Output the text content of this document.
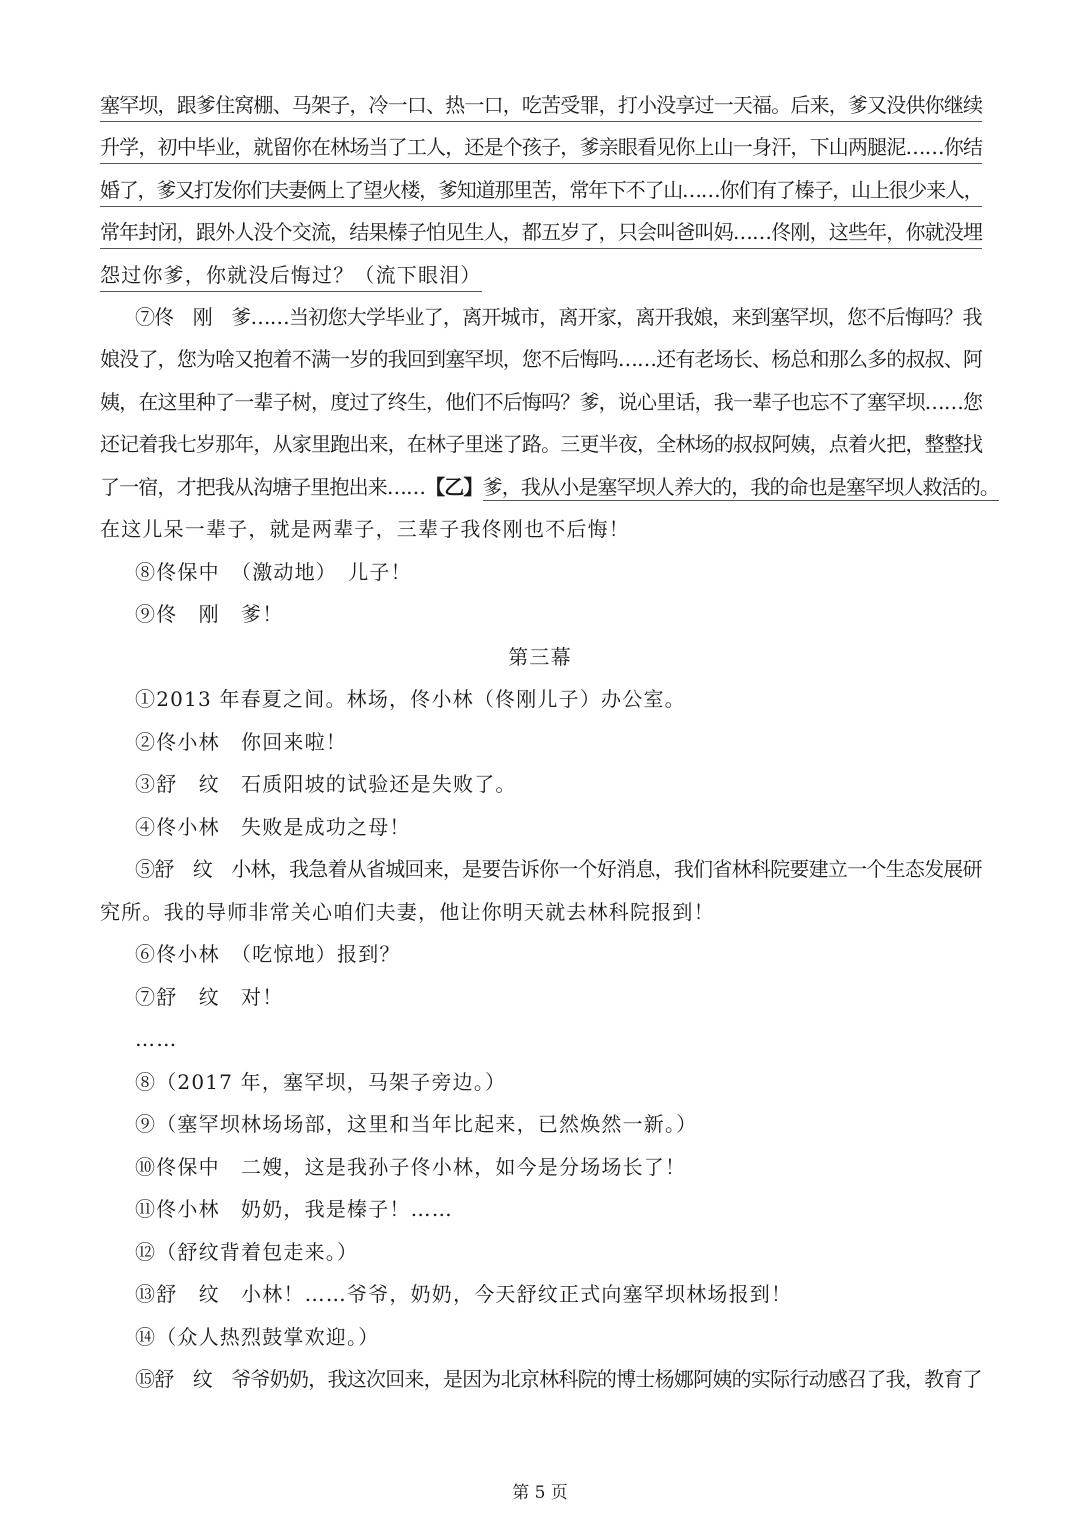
塞罕坝，跟爹住窝棚、马架子，冷一口、热一口，吃苦受罪，打小没享过一天福。后来，爹又没供你继续
升学，初中毕业，就留你在林场当了工人，还是个孩子，爹亲眼看见你上山一身汗，下山两腿泥……你结
婚了，爹又打发你们夫妻俩上了望火楼，爹知道那里苦，常年下不了山……你们有了榛子，山上很少来人，
常年封闭，跟外人没个交流，结果榛子怕见生人，都五岁了，只会叫爸叫妈……佟刚，这些年，你就没埋
怨过你爹，你就没后悔过？（流下眼泪）
⑦佟　刚　爹……当初您大学毕业了，离开城市，离开家，离开我娘，来到塞罕坝，您不后悔吗？我
娘没了，您为啥又抱着不满一岁的我回到塞罕坝，您不后悔吗……还有老场长、杨总和那么多的叔叔、阿
姨，在这里种了一辈子树，度过了终生，他们不后悔吗？爹，说心里话，我一辈子也忘不了塞罕坝……您
还记着我七岁那年，从家里跑出来，在林子里迷了路。三更半夜，全林场的叔叔阿姨，点着火把，整整找
了一宿，才把我从沟塘子里抱出来……【乙】爹，我从小是塞罕坝人养大的，我的命也是塞罕坝人救活的。
在这儿呆一辈子，就是两辈子，三辈子我佟刚也不后悔！
⑧佟保中　（激动地）　儿子！
⑨佟　刚　爹！
第三幕
①2013 年春夏之间。林场，佟小林（佟刚儿子）办公室。
②佟小林　你回来啦！
③舒　纹　石质阳坡的试验还是失败了。
④佟小林　失败是成功之母！
⑤舒　纹　小林，我急着从省城回来，是要告诉你一个好消息，我们省林科院要建立一个生态发展研
究所。我的导师非常关心咱们夫妻，他让你明天就去林科院报到！
⑥佟小林　（吃惊地）报到？
⑦舒　纹　对！
……
⑧（2017 年，塞罕坝，马架子旁边。）
⑨（塞罕坝林场场部，这里和当年比起来，已然焕然一新。）
⑩佟保中　二嫂，这是我孙子佟小林，如今是分场场长了！
⑪佟小林　奶奶，我是榛子！……
⑫（舒纹背着包走来。）
⑬舒　纹　小林！……爷爷，奶奶，今天舒纹正式向塞罕坝林场报到！
⑭（众人热烈鼓掌欢迎。）
⑮舒　纹　爷爷奶奶，我这次回来，是因为北京林科院的博士杨娜阿姨的实际行动感召了我，教育了
第 5 页
